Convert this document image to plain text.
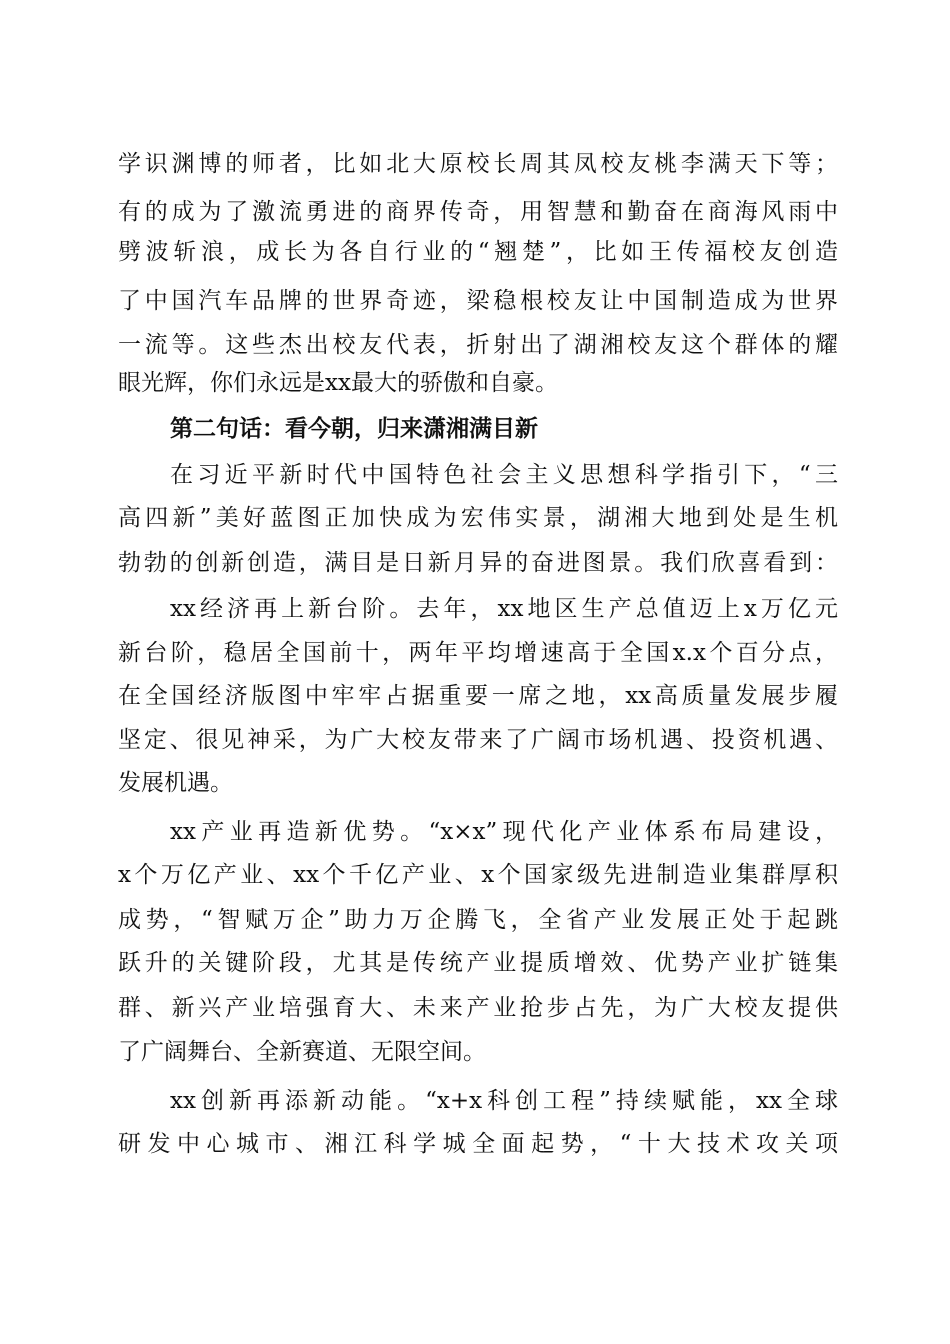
学识渊博的师者，比如北大原校长周其凤校友桃李满天下等；
有的成为了激流勇进的商界传奇，用智慧和勤奋在商海风雨中
劈波斩浪，成长为各自行业的“翘楚”，比如王传福校友创造
了中国汽车品牌的世界奇迹，梁稳根校友让中国制造成为世界
一流等。这些杰出校友代表，折射出了湖湘校友这个群体的耀
眼光辉，你们永远是xx最大的骄傲和自豪。
第二句话：看今朝，归来潇湘满目新
在习近平新时代中国特色社会主义思想科学指引下，“三
高四新”美好蓝图正加快成为宏伟实景，湖湘大地到处是生机
勃勃的创新创造，满目是日新月异的奋进图景。我们欣喜看到：
xx经济再上新台阶。去年，xx地区生产总值迈上x万亿元
新台阶，稳居全国前十，两年平均增速高于全国x.x个百分点，
在全国经济版图中牢牢占据重要一席之地，xx高质量发展步履
坚定、很见神采，为广大校友带来了广阔市场机遇、投资机遇、
发展机遇。
xx产业再造新优势。“x×x”现代化产业体系布局建设，
x个万亿产业、xx个千亿产业、x个国家级先进制造业集群厚积
成势，“智赋万企”助力万企腾飞，全省产业发展正处于起跳
跃升的关键阶段，尤其是传统产业提质增效、优势产业扩链集
群、新兴产业培强育大、未来产业抢步占先，为广大校友提供
了广阔舞台、全新赛道、无限空间。
xx创新再添新动能。“x+x科创工程”持续赋能，xx全球
研发中心城市、湘江科学城全面起势，“十大技术攻关项
